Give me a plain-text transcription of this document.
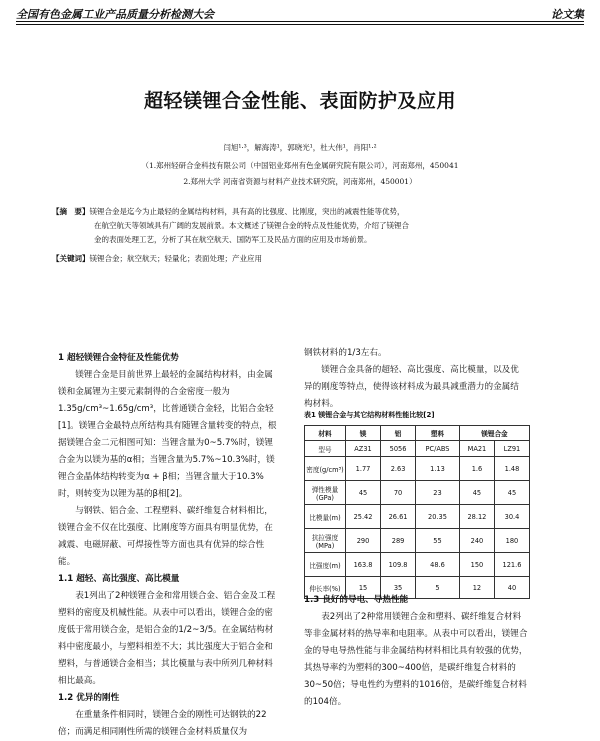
全国有色金属工业产品质量分析检测大会	论文集
超轻镁锂合金性能、表面防护及应用
闫旭¹·³，解海涛¹，郭晓光¹，杜大伟¹，肖阳¹·²
（1.郑州轻研合金科技有限公司（中国铝业郑州有色金属研究院有限公司），河南郑州，450041
2.郑州大学 河南省资源与材料产业技术研究院，河南郑州，450001）
【摘　要】镁锂合金是迄今为止最轻的金属结构材料，具有高的比强度、比刚度，突出的减震性能等优势，
在航空航天等领域具有广阔的发展前景。本文概述了镁锂合金的特点及性能优势，介绍了镁锂合
金的表面处理工艺，分析了其在航空航天、国防军工及民品方面的应用及市场前景。
【关键词】镁锂合金；航空航天；轻量化；表面处理；产业应用

1 超轻镁锂合金特征及性能优势

镁锂合金是目前世界上最轻的金属结构材料，由金属镁和金属锂为主要元素制得的合金密度一般为1.35g/cm³~1.65g/cm³，比普通镁合金轻，比铝合金轻[1]。镁锂合金最特点所结构具有随锂含量转变的特点，根据镁锂合金二元相图可知：当锂含量为0~5.7%时，镁锂合金为以镁为基的α相；当锂含量为5.7%~10.3%时，镁锂合金晶体结构转变为α + β相；当锂含量大于10.3%时，则转变为以锂为基的β相[2]。

与钢铁、铝合金、工程塑料、碳纤维复合材料相比，镁锂合金不仅在比强度、比刚度等方面具有明显优势，在减震、电磁屏蔽、可焊接性等方面也具有优异的综合性能。

1.1 超轻、高比强度、高比模量

表1列出了2种镁锂合金和常用镁合金、铝合金及工程塑料的密度及机械性能。从表中可以看出，镁锂合金的密度低于常用镁合金，是铝合金的1/2~3/5。在金属结构材料中密度最小，与塑料相差不大；其比强度大于铝合金和塑料，与普通镁合金相当；其比模量与表中所列几种材料相比最高。

1.2 优异的刚性

在重量条件相同时，镁锂合金的刚性可达钢铁的22倍；而满足相同刚性所需的镁锂合金材料质量仅为

钢铁材料的1/3左右。

镁锂合金具备的超轻、高比强度、高比模量，以及优异的刚度等特点，使得该材料成为最具减重潜力的金属结构材料。

表1 镁锂合金与其它结构材料性能比较[2]
材料	镁	铝	塑料	镁锂合金	
型号	AZ31	5056	PC/ABS	MA21	LZ91
密度(g/cm³)	1.77	2.63	1.13	1.6	1.48
弹性模量(GPa)	45	70	23	45	45
比模量(m)	25.42	26.61	20.35	28.12	30.4
抗拉强度(MPa)	290	289	55	240	180
比强度(m)	163.8	109.8	48.6	150	121.6
伸长率(%)	15	35	5	12	40

1.3 良好的导电、导热性能

表2列出了2种常用镁锂合金和塑料、碳纤维复合材料等非金属材料的热导率和电阻率。从表中可以看出，镁锂合金的导电导热性能与非金属结构材料相比具有较强的优势，其热导率约为塑料的300~400倍，是碳纤维复合材料的30~50倍；导电性约为塑料的1016倍，是碳纤维复合材料的104倍。
